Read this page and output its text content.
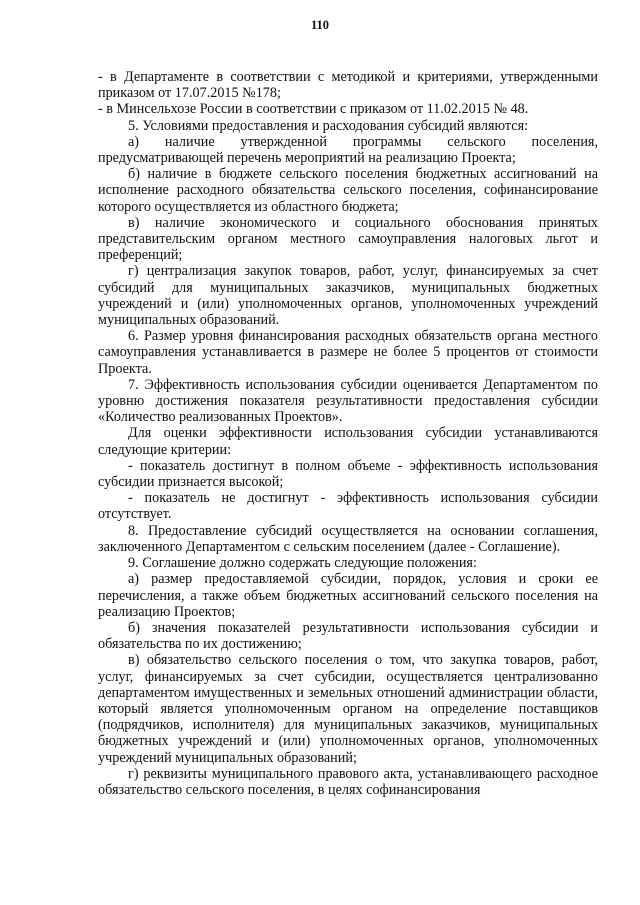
110

- в Департаменте в соответствии с методикой и критериями, утвержденными приказом от 17.07.2015 №178;

- в Минсельхозе России в соответствии с приказом от 11.02.2015 № 48.

5. Условиями предоставления и расходования субсидий являются:

а) наличие утвержденной программы сельского поселения, предусматривающей перечень мероприятий на реализацию Проекта;

б) наличие в бюджете сельского поселения бюджетных ассигнований на исполнение расходного обязательства сельского поселения, софинансирование которого осуществляется из областного бюджета;

в) наличие экономического и социального обоснования принятых представительским органом местного самоуправления налоговых льгот и преференций;

г) централизация закупок товаров, работ, услуг, финансируемых за счет субсидий для муниципальных заказчиков, муниципальных бюджетных учреждений и (или) уполномоченных органов, уполномоченных учреждений муниципальных образований.

6. Размер уровня финансирования расходных обязательств органа местного самоуправления устанавливается в размере не более 5 процентов от стоимости Проекта.

7. Эффективность использования субсидии оценивается Департаментом по уровню достижения показателя результативности предоставления субсидии «Количество реализованных Проектов».

Для оценки эффективности использования субсидии устанавливаются следующие критерии:

- показатель достигнут в полном объеме - эффективность использования субсидии признается высокой;

- показатель не достигнут - эффективность использования субсидии отсутствует.

8. Предоставление субсидий осуществляется на основании соглашения, заключенного Департаментом с сельским поселением (далее - Соглашение).

9. Соглашение должно содержать следующие положения:

а) размер предоставляемой субсидии, порядок, условия и сроки ее перечисления, а также объем бюджетных ассигнований сельского поселения на реализацию Проектов;

б) значения показателей результативности использования субсидии и обязательства по их достижению;

в) обязательство сельского поселения о том, что закупка товаров, работ, услуг, финансируемых за счет субсидии, осуществляется централизованно департаментом имущественных и земельных отношений администрации области, который является уполномоченным органом на определение поставщиков (подрядчиков, исполнителя) для муниципальных заказчиков, муниципальных бюджетных учреждений и (или) уполномоченных органов, уполномоченных учреждений муниципальных образований;

г) реквизиты муниципального правового акта, устанавливающего расходное обязательство сельского поселения, в целях софинансирования
